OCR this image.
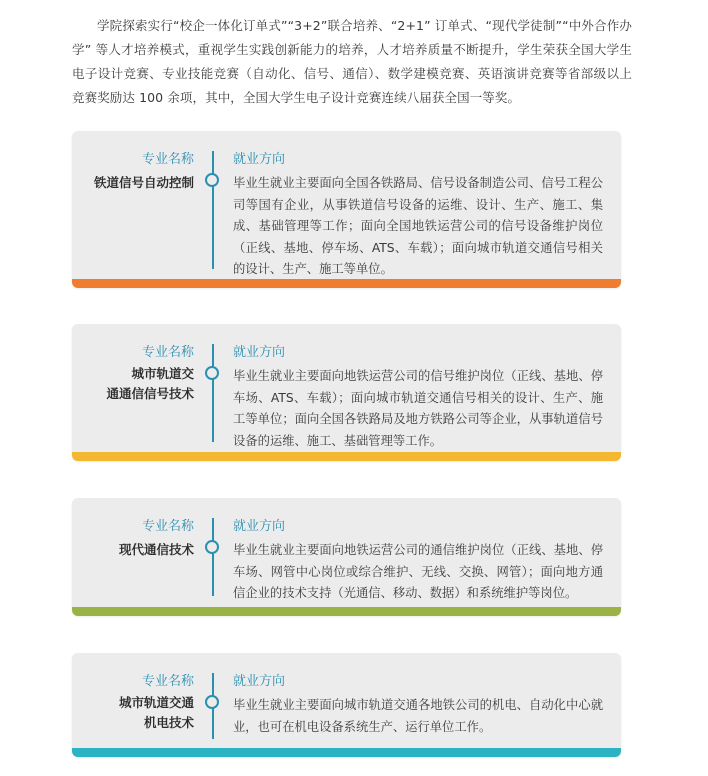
学院探索实行“校企一体化订单式”“3+2”联合培养、“2+1” 订单式、“现代学徒制”“中外合作办学” 等人才培养模式，重视学生实践创新能力的培养，人才培养质量不断提升，学生荣获全国大学生电子设计竞赛、专业技能竞赛（自动化、信号、通信）、数学建模竞赛、英语演讲竞赛等省部级以上竞赛奖励达 100 余项，其中，全国大学生电子设计竞赛连续八届获全国一等奖。
专业名称
铁道信号自动控制
就业方向
毕业生就业主要面向全国各铁路局、信号设备制造公司、信号工程公司等国有企业，从事铁道信号设备的运维、设计、生产、施工、集成、基础管理等工作；面向全国地铁运营公司的信号设备维护岗位（正线、基地、停车场、ATS、车载）；面向城市轨道交通信号相关的设计、生产、施工等单位。
专业名称
城市轨道交
通通信信号技术
就业方向
毕业生就业主要面向地铁运营公司的信号维护岗位（正线、基地、停车场、ATS、车载）；面向城市轨道交通信号相关的设计、生产、施工等单位；面向全国各铁路局及地方铁路公司等企业，从事轨道信号设备的运维、施工、基础管理等工作。
专业名称
现代通信技术
就业方向
毕业生就业主要面向地铁运营公司的通信维护岗位（正线、基地、停车场、网管中心岗位或综合维护、无线、交换、网管）；面向地方通信企业的技术支持（光通信、移动、数据）和系统维护等岗位。
专业名称
城市轨道交通
机电技术
就业方向
毕业生就业主要面向城市轨道交通各地铁公司的机电、自动化中心就业，也可在机电设备系统生产、运行单位工作。
